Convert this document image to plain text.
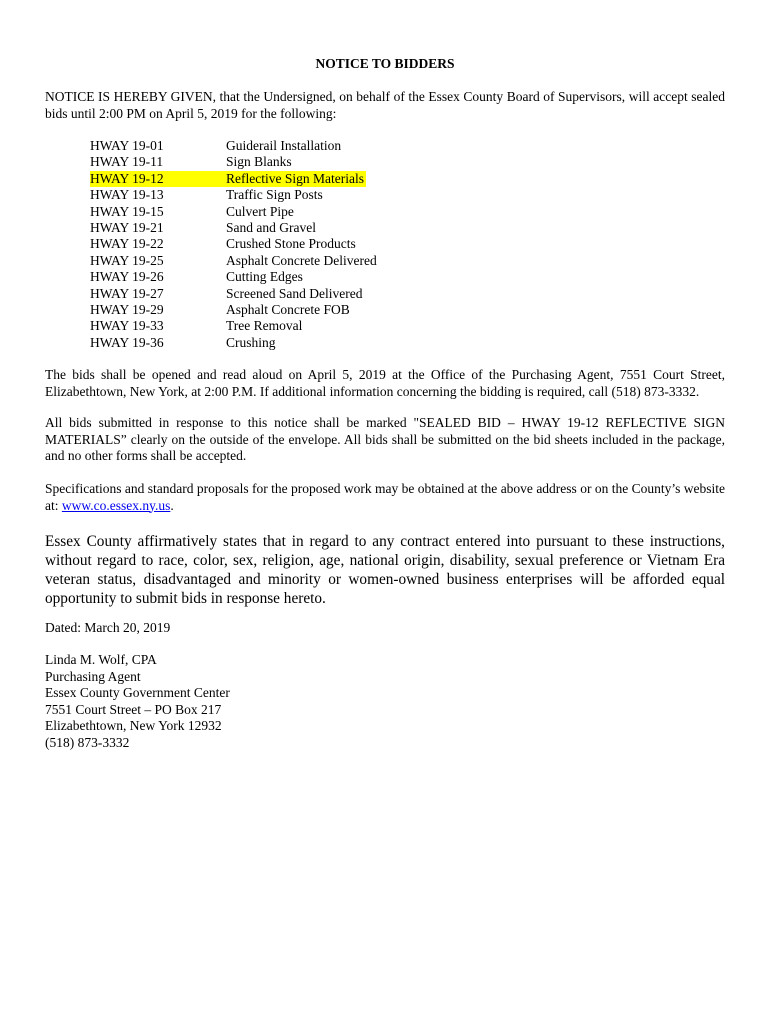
NOTICE TO BIDDERS

NOTICE IS HEREBY GIVEN, that the Undersigned, on behalf of the Essex County Board of Supervisors, will accept sealed bids until 2:00 PM on April 5, 2019 for the following:

HWAY 19-01	Guiderail Installation
HWAY 19-11	Sign Blanks
HWAY 19-12	Reflective Sign Materials
HWAY 19-13	Traffic Sign Posts
HWAY 19-15	Culvert Pipe
HWAY 19-21	Sand and Gravel
HWAY 19-22	Crushed Stone Products
HWAY 19-25	Asphalt Concrete Delivered
HWAY 19-26	Cutting Edges
HWAY 19-27	Screened Sand Delivered
HWAY 19-29	Asphalt Concrete FOB
HWAY 19-33	Tree Removal
HWAY 19-36	Crushing

The bids shall be opened and read aloud on April 5, 2019 at the Office of the Purchasing Agent, 7551 Court Street, Elizabethtown, New York, at 2:00 P.M. If additional information concerning the bidding is required, call (518) 873-3332.

All bids submitted in response to this notice shall be marked "SEALED BID – HWAY 19-12 REFLECTIVE SIGN MATERIALS” clearly on the outside of the envelope. All bids shall be submitted on the bid sheets included in the package, and no other forms shall be accepted.

Specifications and standard proposals for the proposed work may be obtained at the above address or on the County’s website at: www.co.essex.ny.us.

Essex County affirmatively states that in regard to any contract entered into pursuant to these instructions, without regard to race, color, sex, religion, age, national origin, disability, sexual preference or Vietnam Era veteran status, disadvantaged and minority or women-owned business enterprises will be afforded equal opportunity to submit bids in response hereto.

Dated: March 20, 2019

Linda M. Wolf, CPA
Purchasing Agent
Essex County Government Center
7551 Court Street – PO Box 217
Elizabethtown, New York 12932
(518) 873-3332
